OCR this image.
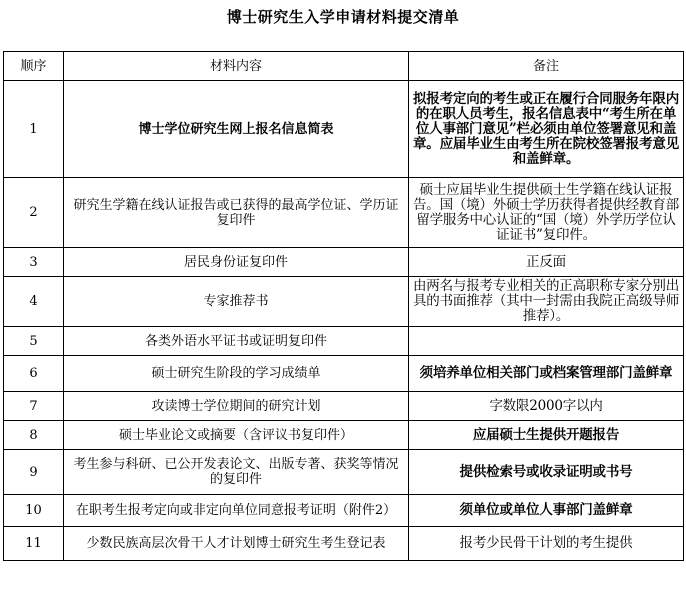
博士研究生入学申请材料提交清单
顺序	材料内容	备注
1	博士学位研究生网上报名信息简表	拟报考定向的考生或正在履行合同服务年限内的在职人员考生，报名信息表中“考生所在单位人事部门意见”栏必须由单位签署意见和盖章。应届毕业生由考生所在院校签署报考意见和盖鲜章。
2	研究生学籍在线认证报告或已获得的最高学位证、学历证复印件	硕士应届毕业生提供硕士生学籍在线认证报告。国（境）外硕士学历获得者提供经教育部留学服务中心认证的“国（境）外学历学位认证证书”复印件。
3	居民身份证复印件	正反面
4	专家推荐书	由两名与报考专业相关的正高职称专家分别出具的书面推荐（其中一封需由我院正高级导师推荐）。
5	各类外语水平证书或证明复印件	
6	硕士研究生阶段的学习成绩单	须培养单位相关部门或档案管理部门盖鲜章
7	攻读博士学位期间的研究计划	字数限2000字以内
8	硕士毕业论文或摘要（含评议书复印件）	应届硕士生提供开题报告
9	考生参与科研、已公开发表论文、出版专著、获奖等情况的复印件	提供检索号或收录证明或书号
10	在职考生报考定向或非定向单位同意报考证明（附件2）	须单位或单位人事部门盖鲜章
11	少数民族高层次骨干人才计划博士研究生考生登记表	报考少民骨干计划的考生提供
